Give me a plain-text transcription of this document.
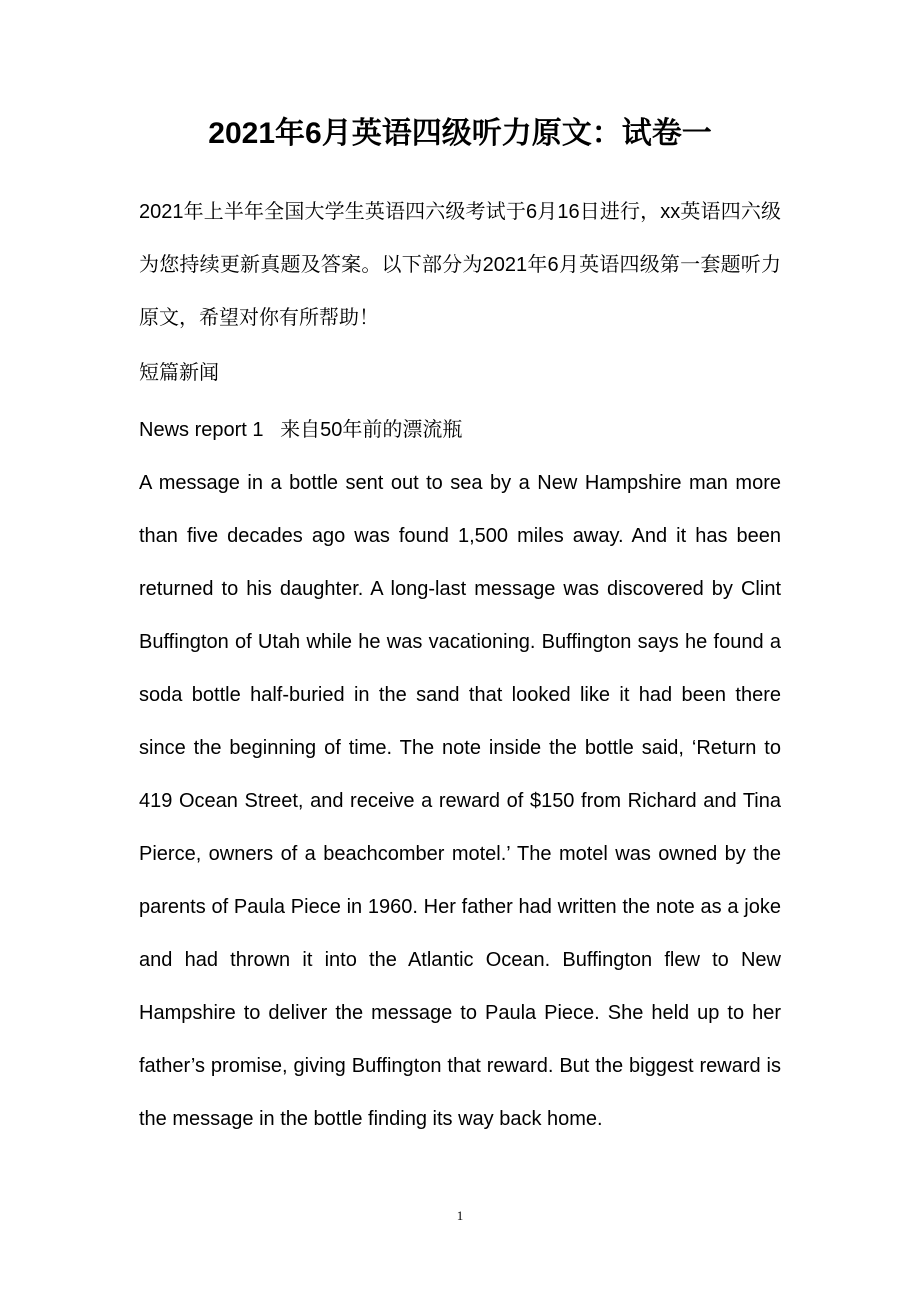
2021年6月英语四级听力原文：试卷一

2021年上半年全国大学生英语四六级考试于6月16日进行，xx英语四六级为您持续更新真题及答案。以下部分为2021年6月英语四级第一套题听力原文，希望对你有所帮助！

短篇新闻

News report 1 来自50年前的漂流瓶

A message in a bottle sent out to sea by a New Hampshire man more than five decades ago was found 1,500 miles away. And it has been returned to his daughter. A long-last message was discovered by Clint Buffington of Utah while he was vacationing. Buffington says he found a soda bottle half-buried in the sand that looked like it had been there since the beginning of time. The note inside the bottle said, ‘Return to 419 Ocean Street, and receive a reward of $150 from Richard and Tina Pierce, owners of a beachcomber motel.’ The motel was owned by the parents of Paula Piece in 1960. Her father had written the note as a joke and had thrown it into the Atlantic Ocean. Buffington flew to New Hampshire to deliver the message to Paula Piece. She held up to her father’s promise, giving Buffington that reward. But the biggest reward is the message in the bottle finding its way back home.

1
